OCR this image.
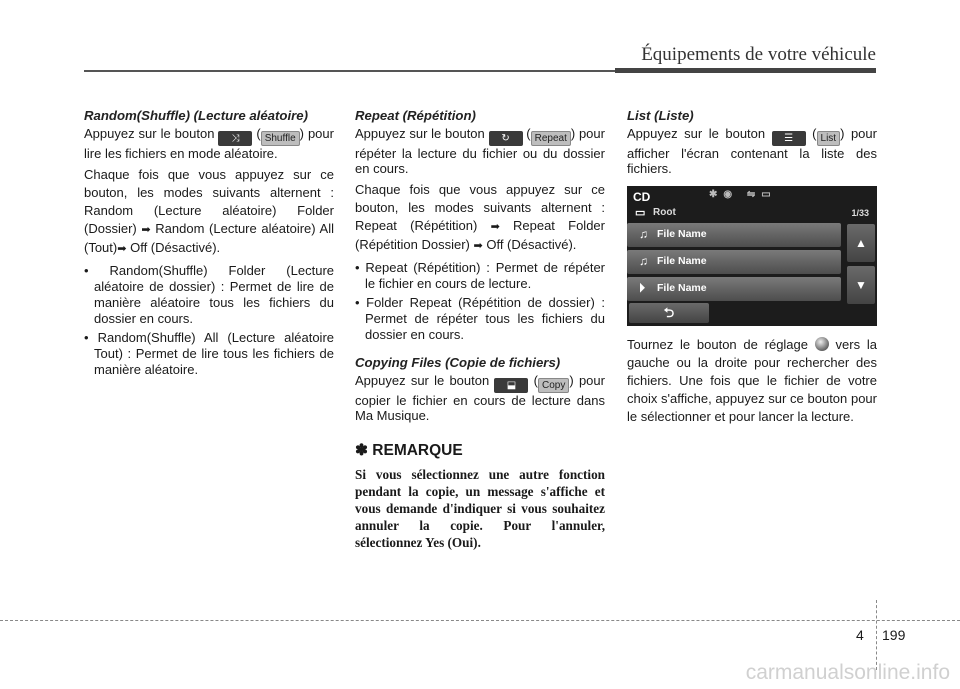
Équipements de votre véhicule
Random(Shuffle) (Lecture aléatoire)

Appuyez sur le bouton ⤨ ( Shuffle ) pour lire les fichiers en mode aléatoire.

Chaque fois que vous appuyez sur ce bouton, les modes suivants alternent : Random (Lecture aléatoire) Folder (Dossier) ➡ Random (Lecture aléatoire) All (Tout)➡ Off (Désactivé).

• Random(Shuffle) Folder (Lecture aléatoire de dossier) : Permet de lire de manière aléatoire tous les fichiers du dossier en cours.
• Random(Shuffle) All (Lecture aléatoire Tout) : Permet de lire tous les fichiers de manière aléatoire.
Repeat (Répétition)

Appuyez sur le bouton ↻ ( Repeat ) pour répéter la lecture du fichier ou du dossier en cours.

Chaque fois que vous appuyez sur ce bouton, les modes suivants alternent : Repeat (Répétition) ➡ Repeat Folder (Répétition Dossier) ➡ Off (Désactivé).

• Repeat (Répétition) : Permet de répéter le fichier en cours de lecture.
• Folder Repeat (Répétition de dossier) : Permet de répéter tous les fichiers du dossier en cours.
Copying Files (Copie de fichiers)

Appuyez sur le bouton ⬓ ( Copy ) pour copier le fichier en cours de lecture dans Ma Musique.

✽ REMARQUE

Si vous sélectionnez une autre fonction pendant la copie, un message s'affiche et vous demande d'indiquer si vous souhaitez annuler la copie. Pour l'annuler, sélectionnez Yes (Oui).

List (Liste)

Appuyez sur le bouton ☰ ( List ) pour afficher l'écran contenant la liste des fichiers.

CD	✱◉ ⇋▭
▭ Root	1/33
♫ File Name
♫ File Name
⏵ File Name
▲
▼
⮌

Tournez le bouton de réglage vers la gauche ou la droite pour rechercher des fichiers. Une fois que le fichier de votre choix s'affiche, appuyez sur ce bouton pour le sélectionner et pour lancer la lecture.

4 199
carmanualsonline.info
